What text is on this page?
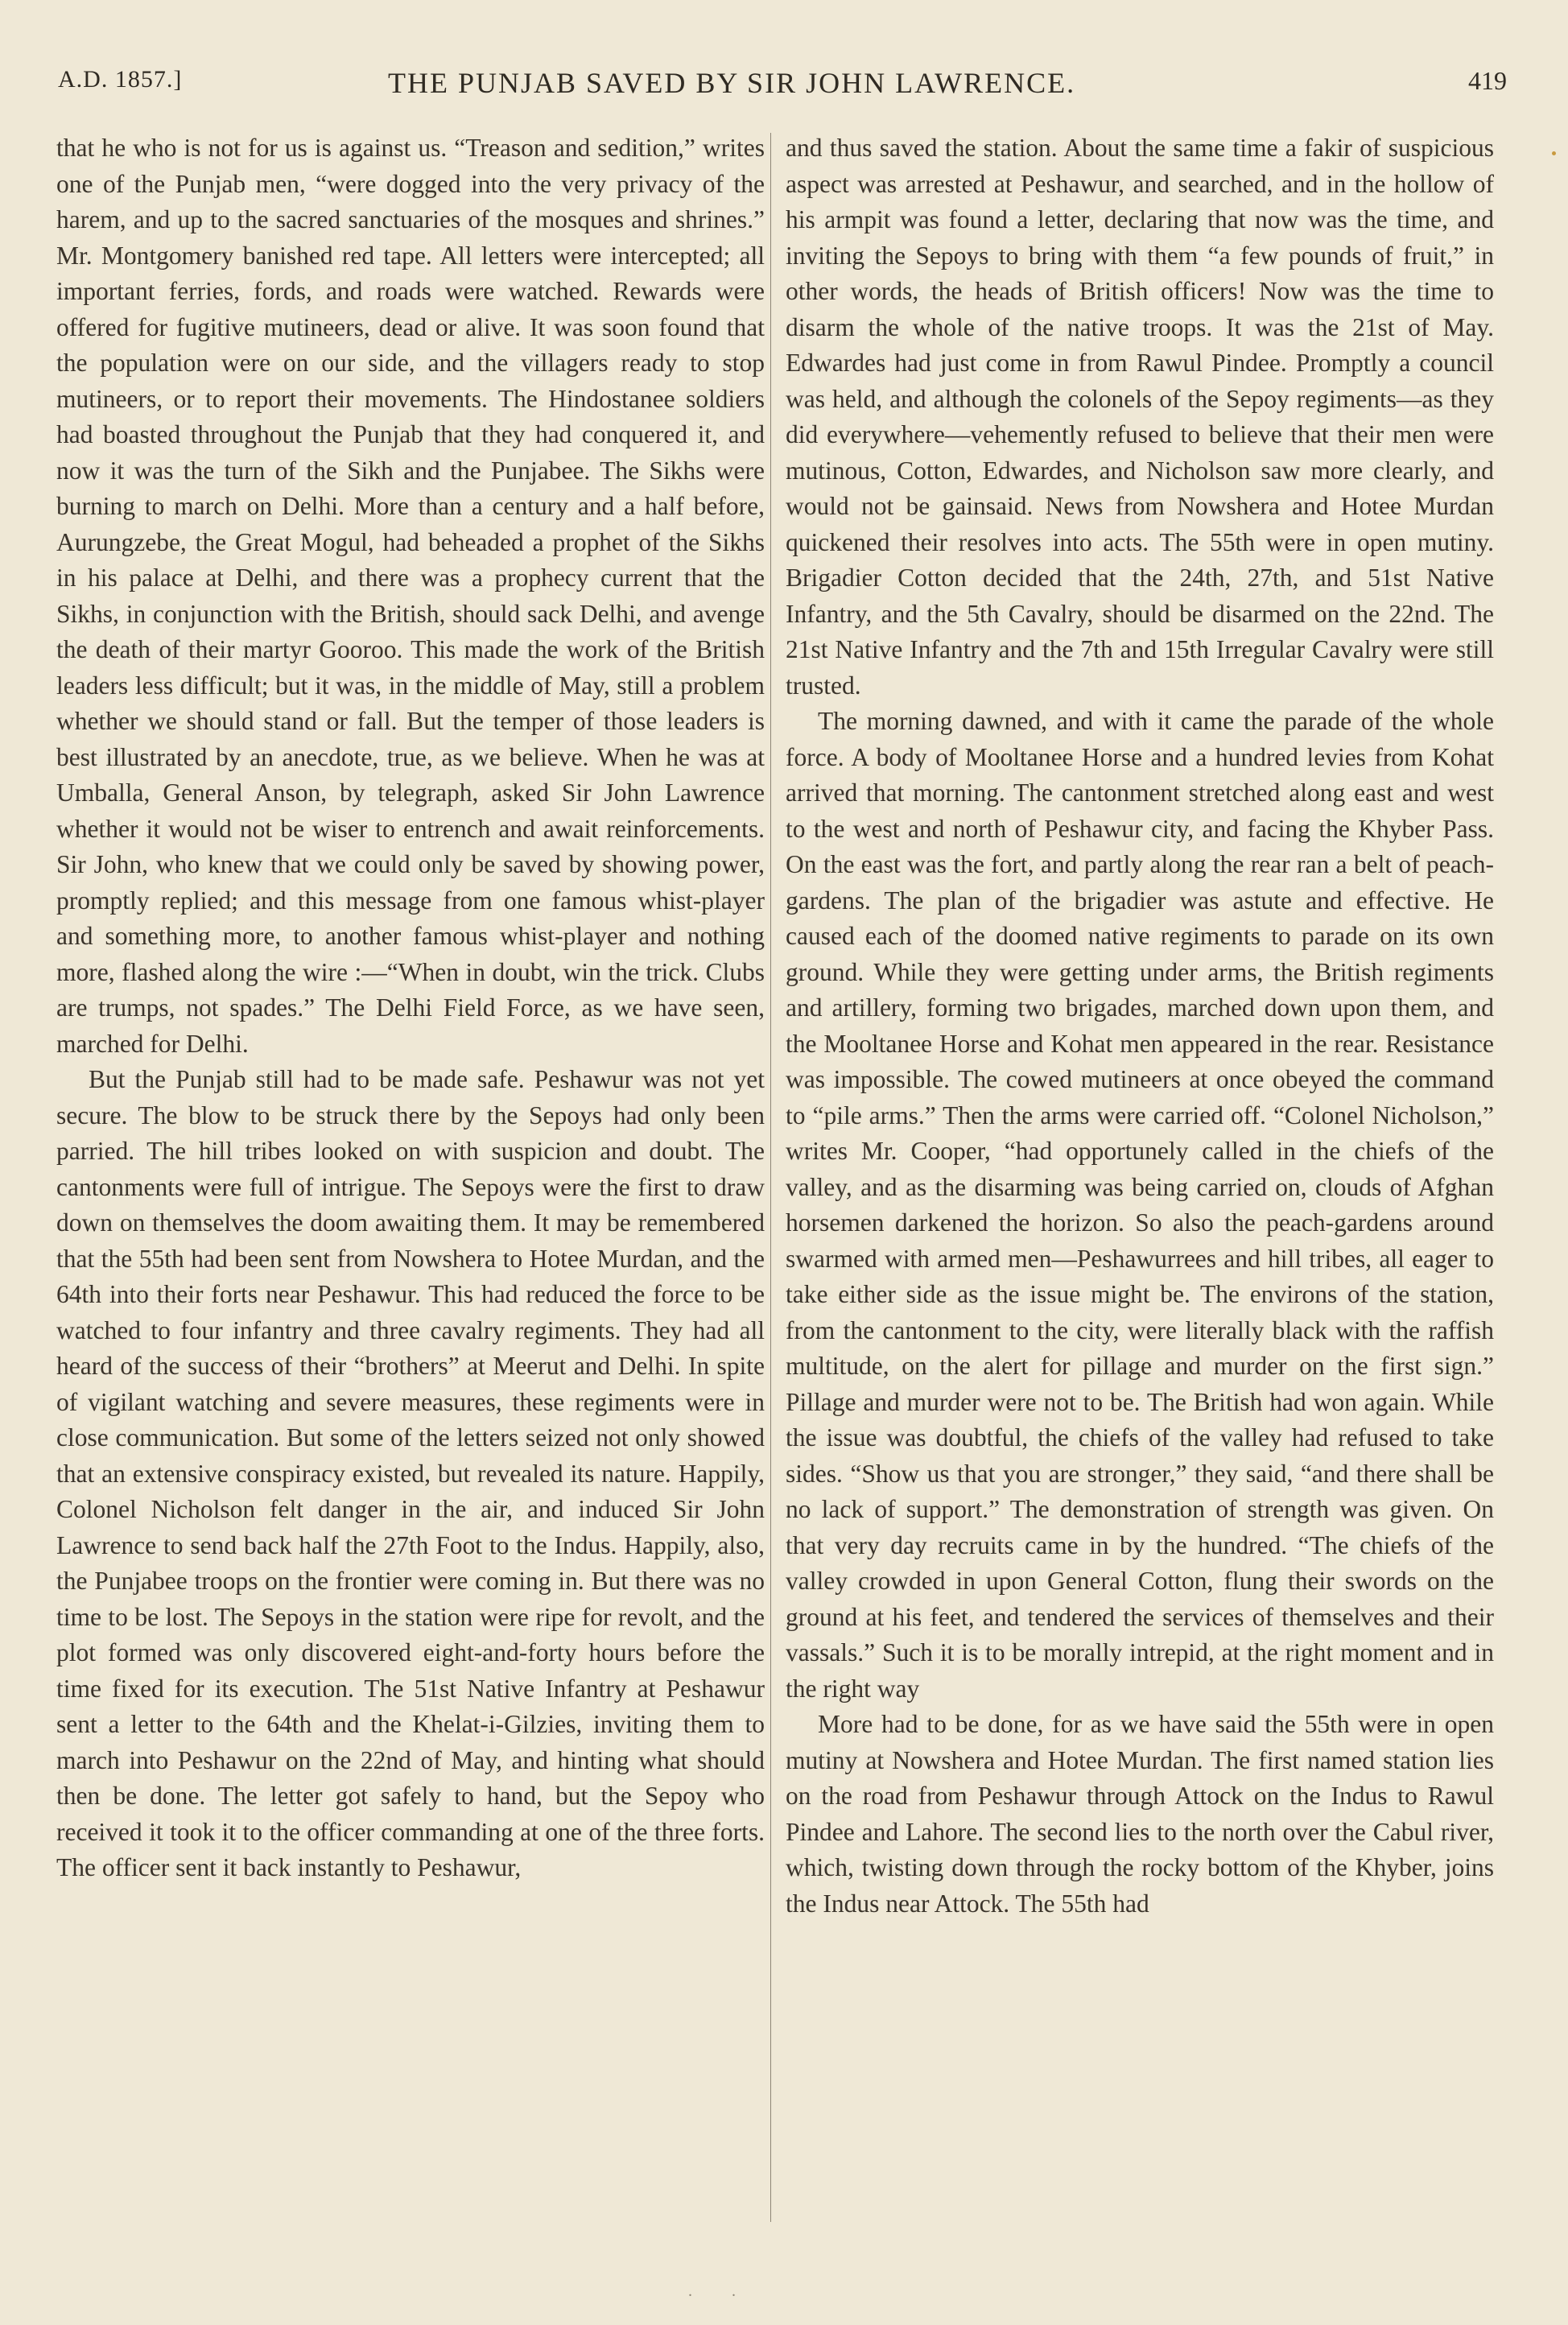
A.D. 1857.]	THE PUNJAB SAVED BY SIR JOHN LAWRENCE.	419

that he who is not for us is against us. “Treason and sedition,” writes one of the Punjab men, “were dogged into the very privacy of the harem, and up to the sacred sanctuaries of the mosques and shrines.” Mr. Montgomery banished red tape. All letters were intercepted; all important ferries, fords, and roads were watched. Rewards were offered for fugitive mutineers, dead or alive. It was soon found that the population were on our side, and the villagers ready to stop mutineers, or to report their movements. The Hindostanee soldiers had boasted throughout the Punjab that they had conquered it, and now it was the turn of the Sikh and the Punjabee. The Sikhs were burning to march on Delhi. More than a century and a half before, Aurungzebe, the Great Mogul, had beheaded a prophet of the Sikhs in his palace at Delhi, and there was a prophecy current that the Sikhs, in conjunction with the British, should sack Delhi, and avenge the death of their martyr Gooroo. This made the work of the British leaders less difficult; but it was, in the middle of May, still a problem whether we should stand or fall. But the temper of those leaders is best illustrated by an anecdote, true, as we believe. When he was at Umballa, General Anson, by telegraph, asked Sir John Lawrence whether it would not be wiser to entrench and await reinforcements. Sir John, who knew that we could only be saved by showing power, promptly replied; and this message from one famous whist-player and something more, to another famous whist-player and nothing more, flashed along the wire :—“When in doubt, win the trick. Clubs are trumps, not spades.” The Delhi Field Force, as we have seen, marched for Delhi.

But the Punjab still had to be made safe. Peshawur was not yet secure. The blow to be struck there by the Sepoys had only been parried. The hill tribes looked on with suspicion and doubt. The cantonments were full of intrigue. The Sepoys were the first to draw down on themselves the doom awaiting them. It may be remembered that the 55th had been sent from Nowshera to Hotee Murdan, and the 64th into their forts near Peshawur. This had reduced the force to be watched to four infantry and three cavalry regiments. They had all heard of the success of their “brothers” at Meerut and Delhi. In spite of vigilant watching and severe measures, these regiments were in close communication. But some of the letters seized not only showed that an extensive conspiracy existed, but revealed its nature. Happily, Colonel Nicholson felt danger in the air, and induced Sir John Lawrence to send back half the 27th Foot to the Indus. Happily, also, the Punjabee troops on the frontier were coming in. But there was no time to be lost. The Sepoys in the station were ripe for revolt, and the plot formed was only discovered eight-and-forty hours before the time fixed for its execution. The 51st Native Infantry at Peshawur sent a letter to the 64th and the Khelat-i-Gilzies, inviting them to march into Peshawur on the 22nd of May, and hinting what should then be done. The letter got safely to hand, but the Sepoy who received it took it to the officer commanding at one of the three forts. The officer sent it back instantly to Peshawur,

and thus saved the station. About the same time a fakir of suspicious aspect was arrested at Peshawur, and searched, and in the hollow of his armpit was found a letter, declaring that now was the time, and inviting the Sepoys to bring with them “a few pounds of fruit,” in other words, the heads of British officers! Now was the time to disarm the whole of the native troops. It was the 21st of May. Edwardes had just come in from Rawul Pindee. Promptly a council was held, and although the colonels of the Sepoy regiments—as they did everywhere—vehemently refused to believe that their men were mutinous, Cotton, Edwardes, and Nicholson saw more clearly, and would not be gainsaid. News from Nowshera and Hotee Murdan quickened their resolves into acts. The 55th were in open mutiny. Brigadier Cotton decided that the 24th, 27th, and 51st Native Infantry, and the 5th Cavalry, should be disarmed on the 22nd. The 21st Native Infantry and the 7th and 15th Irregular Cavalry were still trusted.

The morning dawned, and with it came the parade of the whole force. A body of Mooltanee Horse and a hundred levies from Kohat arrived that morning. The cantonment stretched along east and west to the west and north of Peshawur city, and facing the Khyber Pass. On the east was the fort, and partly along the rear ran a belt of peach-gardens. The plan of the brigadier was astute and effective. He caused each of the doomed native regiments to parade on its own ground. While they were getting under arms, the British regiments and artillery, forming two brigades, marched down upon them, and the Mooltanee Horse and Kohat men appeared in the rear. Resistance was impossible. The cowed mutineers at once obeyed the command to “pile arms.” Then the arms were carried off. “Colonel Nicholson,” writes Mr. Cooper, “had opportunely called in the chiefs of the valley, and as the disarming was being carried on, clouds of Afghan horsemen darkened the horizon. So also the peach-gardens around swarmed with armed men—Peshawurrees and hill tribes, all eager to take either side as the issue might be. The environs of the station, from the cantonment to the city, were literally black with the raffish multitude, on the alert for pillage and murder on the first sign.” Pillage and murder were not to be. The British had won again. While the issue was doubtful, the chiefs of the valley had refused to take sides. “Show us that you are stronger,” they said, “and there shall be no lack of support.” The demonstration of strength was given. On that very day recruits came in by the hundred. “The chiefs of the valley crowded in upon General Cotton, flung their swords on the ground at his feet, and tendered the services of themselves and their vassals.” Such it is to be morally intrepid, at the right moment and in the right way

More had to be done, for as we have said the 55th were in open mutiny at Nowshera and Hotee Murdan. The first named station lies on the road from Peshawur through Attock on the Indus to Rawul Pindee and Lahore. The second lies to the north over the Cabul river, which, twisting down through the rocky bottom of the Khyber, joins the Indus near Attock. The 55th had

. .
